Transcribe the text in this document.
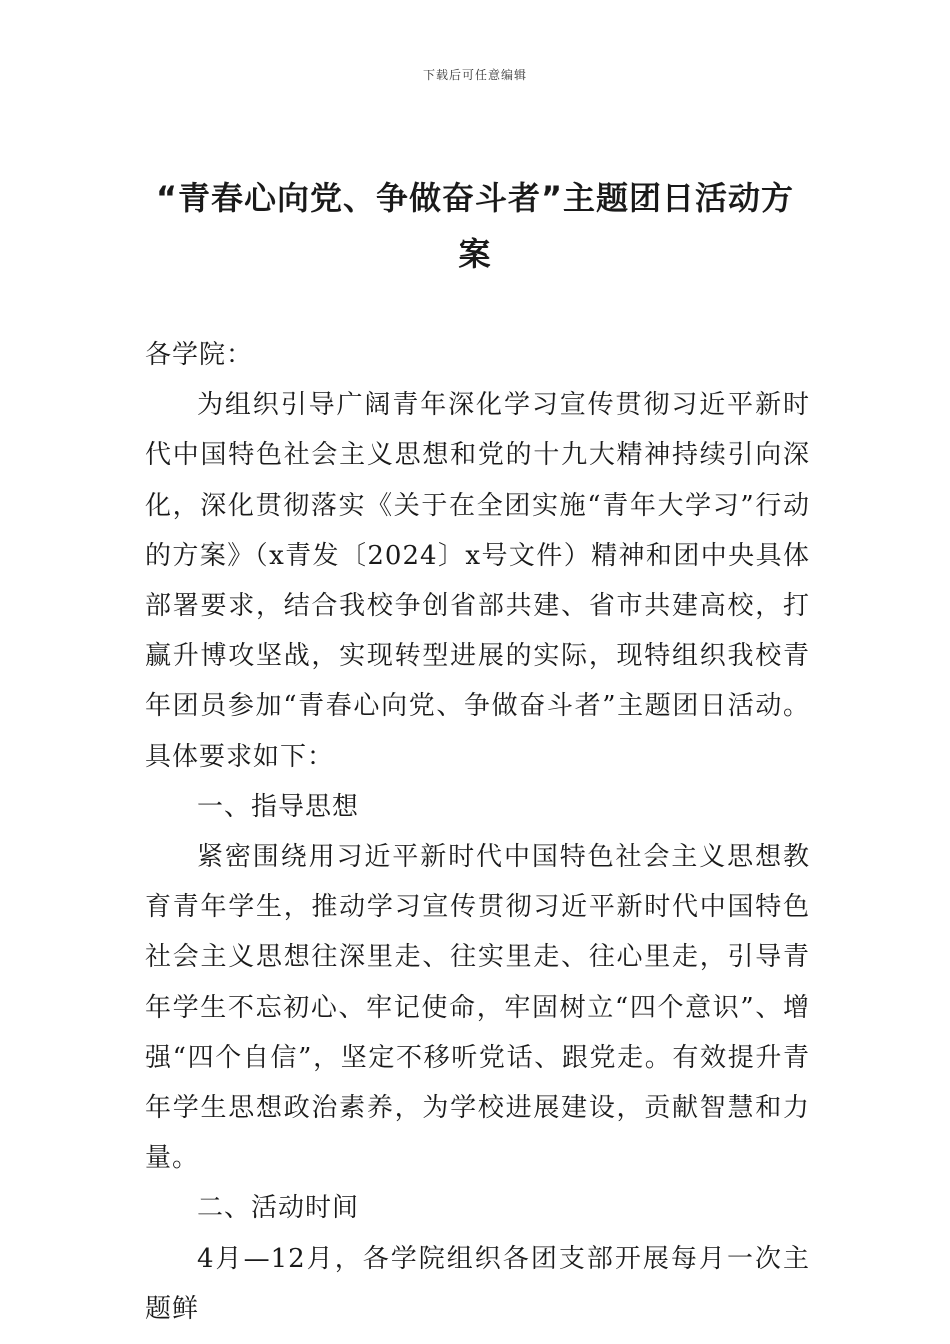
下载后可任意编辑
“青春心向党、争做奋斗者”主题团日活动方案

各学院：

为组织引导广阔青年深化学习宣传贯彻习近平新时代中国特色社会主义思想和党的十九大精神持续引向深化，深化贯彻落实《关于在全团实施“青年大学习”行动的方案》（x青发〔2024〕x号文件）精神和团中央具体部署要求，结合我校争创省部共建、省市共建高校，打赢升博攻坚战，实现转型进展的实际，现特组织我校青年团员参加“青春心向党、争做奋斗者”主题团日活动。具体要求如下：

一、指导思想

紧密围绕用习近平新时代中国特色社会主义思想教育青年学生，推动学习宣传贯彻习近平新时代中国特色社会主义思想往深里走、往实里走、往心里走，引导青年学生不忘初心、牢记使命，牢固树立“四个意识”、增强“四个自信”，坚定不移听党话、跟党走。有效提升青年学生思想政治素养，为学校进展建设，贡献智慧和力量。

二、活动时间

4月—12月，各学院组织各团支部开展每月一次主题鲜
